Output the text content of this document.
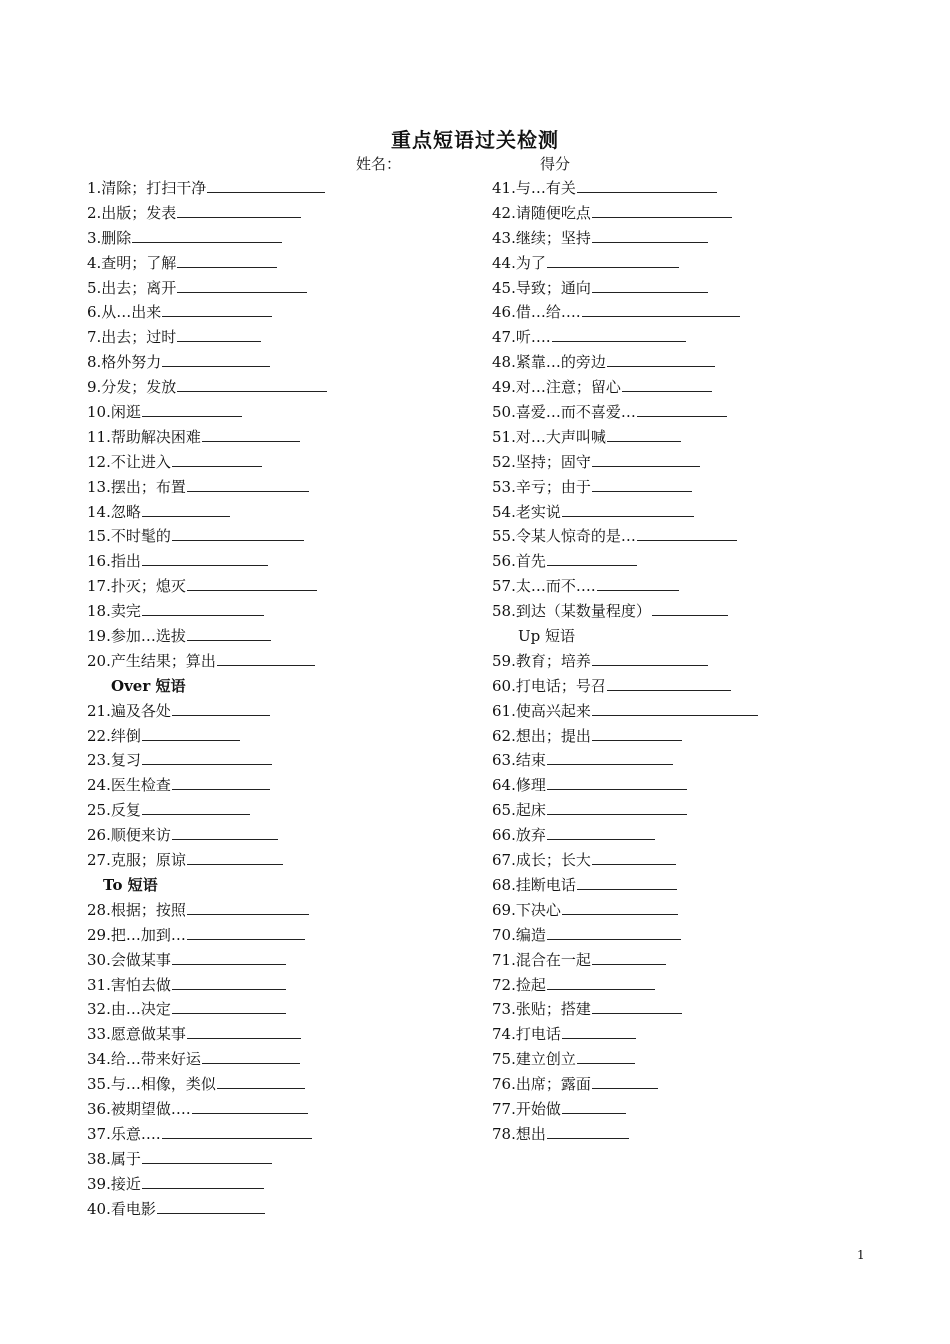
重点短语过关检测
姓名：	得分
1.清除；打扫干净
2.出版；发表
3.删除
4.查明；了解
5.出去；离开
6.从…出来
7.出去；过时
8.格外努力
9.分发；发放
10.闲逛
11.帮助解决困难
12.不让进入
13.摆出；布置
14.忽略
15.不时髦的
16.指出
17.扑灭；熄灭
18.卖完
19.参加…选拔
20.产生结果；算出
Over 短语
21.遍及各处
22.绊倒
23.复习
24.医生检查
25.反复
26.顺便来访
27.克服；原谅
To 短语
28.根据；按照
29.把…加到…
30.会做某事
31.害怕去做
32.由…决定
33.愿意做某事
34.给…带来好运
35.与…相像，类似
36.被期望做….
37.乐意….
38.属于
39.接近
40.看电影
41.与…有关
42.请随便吃点
43.继续；坚持
44.为了
45.导致；通向
46.借…给….
47.听….
48.紧靠…的旁边
49.对…注意；留心
50.喜爱…而不喜爱…
51.对…大声叫喊
52.坚持；固守
53.辛亏；由于
54.老实说
55.令某人惊奇的是…
56.首先
57.太…而不….
58.到达（某数量程度）
Up 短语
59.教育；培养
60.打电话；号召
61.使高兴起来
62.想出；提出
63.结束
64.修理
65.起床
66.放弃
67.成长；长大
68.挂断电话
69.下决心
70.编造
71.混合在一起
72.捡起
73.张贴；搭建
74.打电话
75.建立创立
76.出席；露面
77.开始做
78.想出
1
